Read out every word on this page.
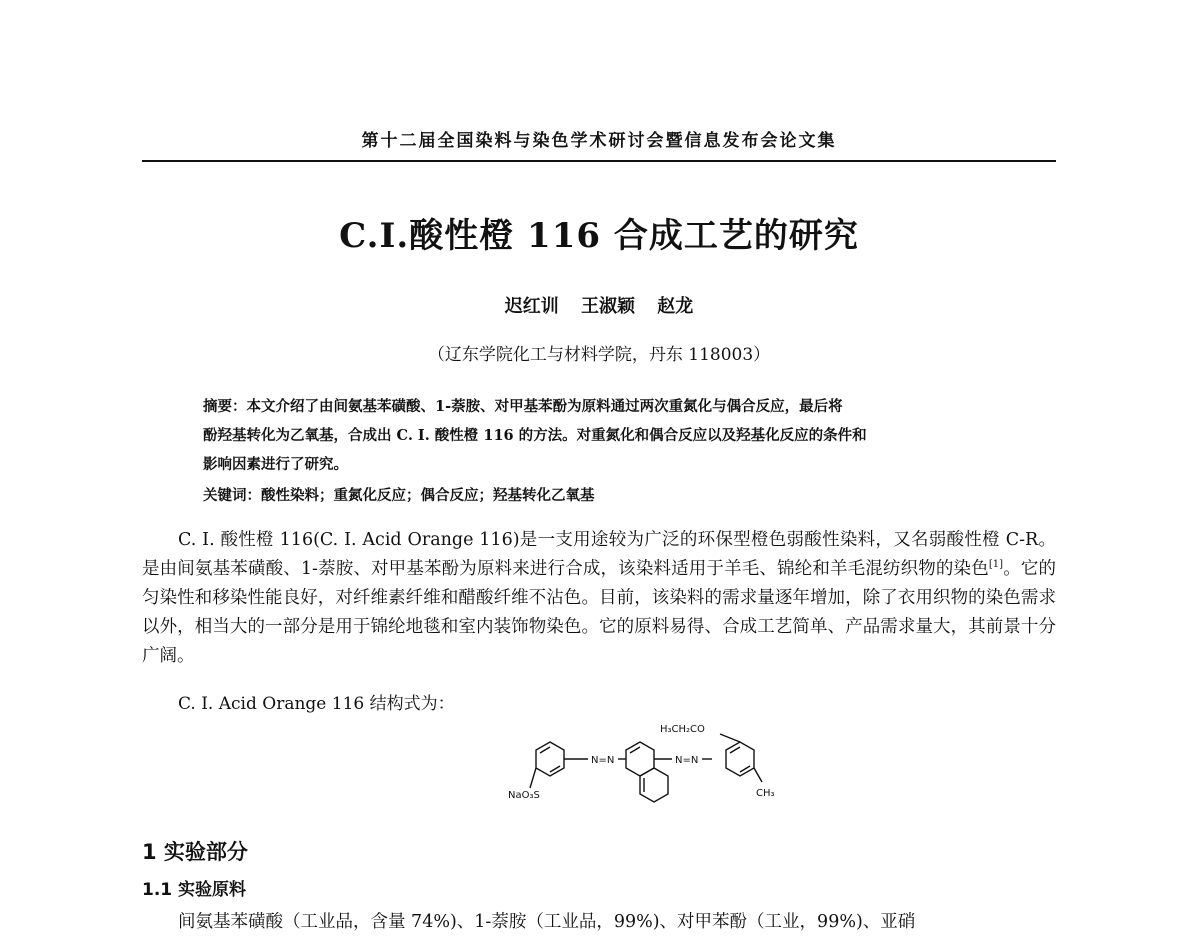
第十二届全国染料与染色学术研讨会暨信息发布会论文集
C.I.酸性橙 116 合成工艺的研究
迟红训 王淑颖 赵龙
（辽东学院化工与材料学院，丹东 118003）

摘要：本文介绍了由间氨基苯磺酸、1-萘胺、对甲基苯酚为原料通过两次重氮化与偶合反应，最后将

酚羟基转化为乙氧基，合成出 C. I. 酸性橙 116 的方法。对重氮化和偶合反应以及羟基化反应的条件和

影响因素进行了研究。

关键词：酸性染料；重氮化反应；偶合反应；羟基转化乙氧基
C. I. 酸性橙 116(C. I. Acid Orange 116)是一支用途较为广泛的环保型橙色弱酸性染料，又名弱酸性橙 C-R。是由间氨基苯磺酸、1-萘胺、对甲基苯酚为原料来进行合成，该染料适用于羊毛、锦纶和羊毛混纺织物的染色[1]。它的匀染性和移染性能良好，对纤维素纤维和醋酸纤维不沾色。目前，该染料的需求量逐年增加，除了衣用织物的染色需求以外，相当大的一部分是用于锦纶地毯和室内装饰物染色。它的原料易得、合成工艺简单、产品需求量大，其前景十分广阔。
C. I. Acid Orange 116 结构式为：
H₃CH₂CO
N=N	N=N
NaO₃S	CH₃
1 实验部分
1.1 实验原料
间氨基苯磺酸（工业品，含量 74%)、1-萘胺（工业品，99%)、对甲苯酚（工业，99%)、亚硝
